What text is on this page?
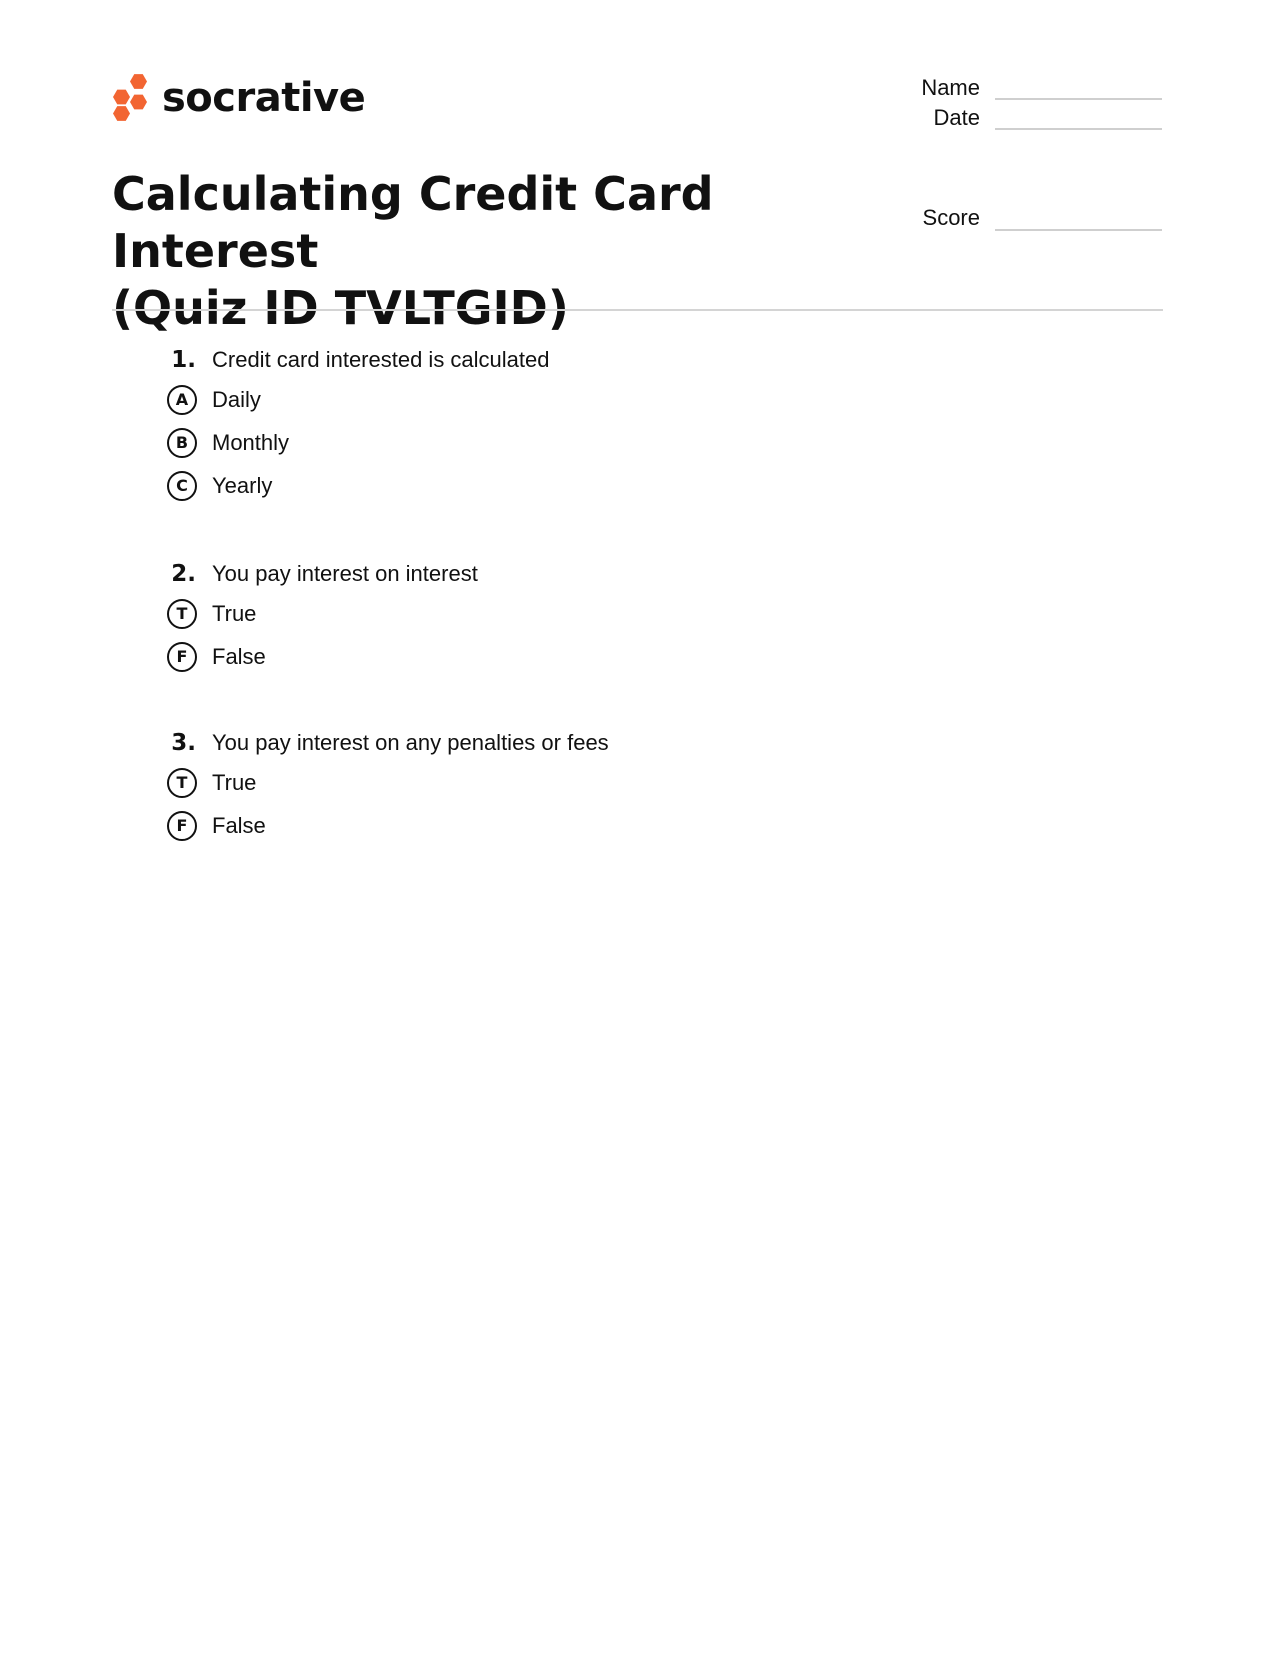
socrative	Name
Date
Score
Calculating Credit Card Interest
(Quiz ID TVLTGID)
1. Credit card interested is calculated
A	Daily
B	Monthly
C	Yearly
2. You pay interest on interest
T	True
F	False
3. You pay interest on any penalties or fees
T	True
F	False
